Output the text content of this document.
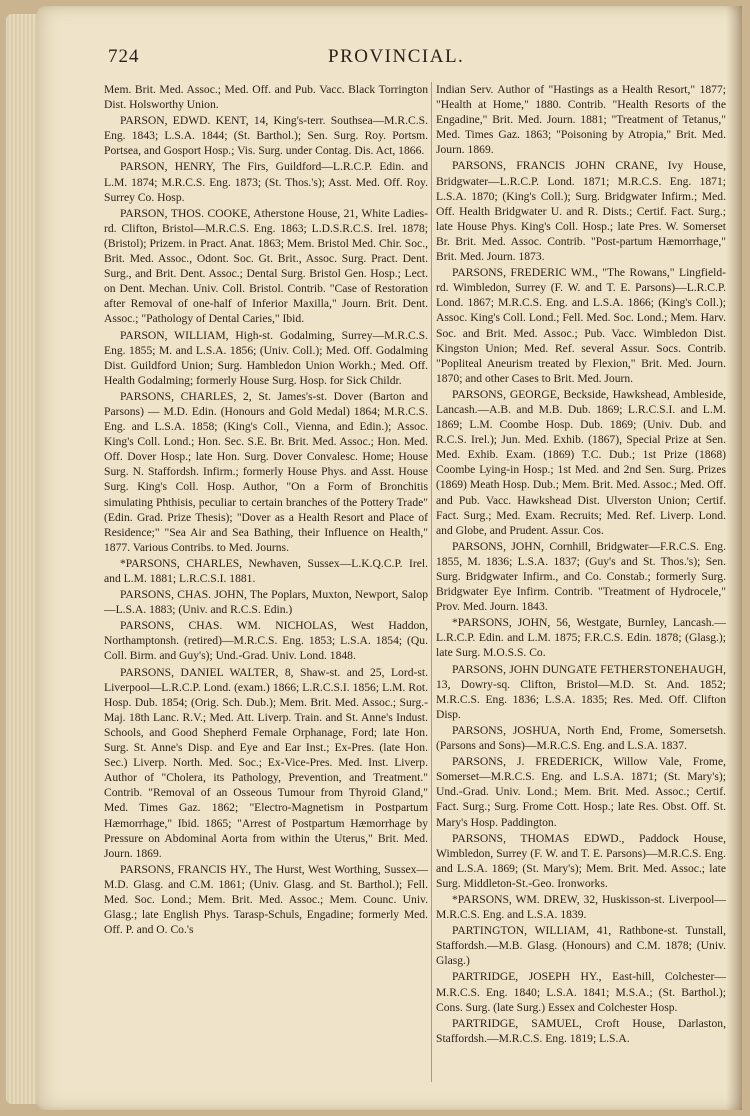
724	PROVINCIAL.

Mem. Brit. Med. Assoc.; Med. Off. and Pub. Vacc. Black Torrington Dist. Holsworthy Union.

PARSON, EDWD. KENT, 14, King's-terr. Southsea—M.R.C.S. Eng. 1843; L.S.A. 1844; (St. Barthol.); Sen. Surg. Roy. Portsm. Portsea, and Gosport Hosp.; Vis. Surg. under Contag. Dis. Act, 1866.

PARSON, HENRY, The Firs, Guildford—L.R.C.P. Edin. and L.M. 1874; M.R.C.S. Eng. 1873; (St. Thos.'s); Asst. Med. Off. Roy. Surrey Co. Hosp.

PARSON, THOS. COOKE, Atherstone House, 21, White Ladies-rd. Clifton, Bristol—M.R.C.S. Eng. 1863; L.D.S.R.C.S. Irel. 1878; (Bristol); Prizem. in Pract. Anat. 1863; Mem. Bristol Med. Chir. Soc., Brit. Med. Assoc., Odont. Soc. Gt. Brit., Assoc. Surg. Pract. Dent. Surg., and Brit. Dent. Assoc.; Dental Surg. Bristol Gen. Hosp.; Lect. on Dent. Mechan. Univ. Coll. Bristol. Contrib. "Case of Restoration after Removal of one-half of Inferior Maxilla," Journ. Brit. Dent. Assoc.; "Pathology of Dental Caries," Ibid.

PARSON, WILLIAM, High-st. Godalming, Surrey—M.R.C.S. Eng. 1855; M. and L.S.A. 1856; (Univ. Coll.); Med. Off. Godalming Dist. Guildford Union; Surg. Hambledon Union Workh.; Med. Off. Health Godalming; formerly House Surg. Hosp. for Sick Childr.

PARSONS, CHARLES, 2, St. James's-st. Dover (Barton and Parsons) — M.D. Edin. (Honours and Gold Medal) 1864; M.R.C.S. Eng. and L.S.A. 1858; (King's Coll., Vienna, and Edin.); Assoc. King's Coll. Lond.; Hon. Sec. S.E. Br. Brit. Med. Assoc.; Hon. Med. Off. Dover Hosp.; late Hon. Surg. Dover Convalesc. Home; House Surg. N. Staffordsh. Infirm.; formerly House Phys. and Asst. House Surg. King's Coll. Hosp. Author, "On a Form of Bronchitis simulating Phthisis, peculiar to certain branches of the Pottery Trade" (Edin. Grad. Prize Thesis); "Dover as a Health Resort and Place of Residence;" "Sea Air and Sea Bathing, their Influence on Health," 1877. Various Contribs. to Med. Journs.

*PARSONS, CHARLES, Newhaven, Sussex—L.K.Q.C.P. Irel. and L.M. 1881; L.R.C.S.I. 1881.

PARSONS, CHAS. JOHN, The Poplars, Muxton, Newport, Salop—L.S.A. 1883; (Univ. and R.C.S. Edin.)

PARSONS, CHAS. WM. NICHOLAS, West Haddon, Northamptonsh. (retired)—M.R.C.S. Eng. 1853; L.S.A. 1854; (Qu. Coll. Birm. and Guy's); Und.-Grad. Univ. Lond. 1848.

PARSONS, DANIEL WALTER, 8, Shaw-st. and 25, Lord-st. Liverpool—L.R.C.P. Lond. (exam.) 1866; L.R.C.S.I. 1856; L.M. Rot. Hosp. Dub. 1854; (Orig. Sch. Dub.); Mem. Brit. Med. Assoc.; Surg.-Maj. 18th Lanc. R.V.; Med. Att. Liverp. Train. and St. Anne's Indust. Schools, and Good Shepherd Female Orphanage, Ford; late Hon. Surg. St. Anne's Disp. and Eye and Ear Inst.; Ex-Pres. (late Hon. Sec.) Liverp. North. Med. Soc.; Ex-Vice-Pres. Med. Inst. Liverp. Author of "Cholera, its Pathology, Prevention, and Treatment." Contrib. "Removal of an Osseous Tumour from Thyroid Gland," Med. Times Gaz. 1862; "Electro-Magnetism in Postpartum Hæmorrhage," Ibid. 1865; "Arrest of Postpartum Hæmorrhage by Pressure on Abdominal Aorta from within the Uterus," Brit. Med. Journ. 1869.

PARSONS, FRANCIS HY., The Hurst, West Worthing, Sussex—M.D. Glasg. and C.M. 1861; (Univ. Glasg. and St. Barthol.); Fell. Med. Soc. Lond.; Mem. Brit. Med. Assoc.; Mem. Counc. Univ. Glasg.; late English Phys. Tarasp-Schuls, Engadine; formerly Med. Off. P. and O. Co.'s

Indian Serv. Author of "Hastings as a Health Resort," 1877; "Health at Home," 1880. Contrib. "Health Resorts of the Engadine," Brit. Med. Journ. 1881; "Treatment of Tetanus," Med. Times Gaz. 1863; "Poisoning by Atropia," Brit. Med. Journ. 1869.

PARSONS, FRANCIS JOHN CRANE, Ivy House, Bridgwater—L.R.C.P. Lond. 1871; M.R.C.S. Eng. 1871; L.S.A. 1870; (King's Coll.); Surg. Bridgwater Infirm.; Med. Off. Health Bridgwater U. and R. Dists.; Certif. Fact. Surg.; late House Phys. King's Coll. Hosp.; late Pres. W. Somerset Br. Brit. Med. Assoc. Contrib. "Post-partum Hæmorrhage," Brit. Med. Journ. 1873.

PARSONS, FREDERIC WM., "The Rowans," Lingfield-rd. Wimbledon, Surrey (F. W. and T. E. Parsons)—L.R.C.P. Lond. 1867; M.R.C.S. Eng. and L.S.A. 1866; (King's Coll.); Assoc. King's Coll. Lond.; Fell. Med. Soc. Lond.; Mem. Harv. Soc. and Brit. Med. Assoc.; Pub. Vacc. Wimbledon Dist. Kingston Union; Med. Ref. several Assur. Socs. Contrib. "Popliteal Aneurism treated by Flexion," Brit. Med. Journ. 1870; and other Cases to Brit. Med. Journ.

PARSONS, GEORGE, Beckside, Hawkshead, Ambleside, Lancash.—A.B. and M.B. Dub. 1869; L.R.C.S.I. and L.M. 1869; L.M. Coombe Hosp. Dub. 1869; (Univ. Dub. and R.C.S. Irel.); Jun. Med. Exhib. (1867), Special Prize at Sen. Med. Exhib. Exam. (1869) T.C. Dub.; 1st Prize (1868) Coombe Lying-in Hosp.; 1st Med. and 2nd Sen. Surg. Prizes (1869) Meath Hosp. Dub.; Mem. Brit. Med. Assoc.; Med. Off. and Pub. Vacc. Hawkshead Dist. Ulverston Union; Certif. Fact. Surg.; Med. Exam. Recruits; Med. Ref. Liverp. Lond. and Globe, and Prudent. Assur. Cos.

PARSONS, JOHN, Cornhill, Bridgwater—F.R.C.S. Eng. 1855, M. 1836; L.S.A. 1837; (Guy's and St. Thos.'s); Sen. Surg. Bridgwater Infirm., and Co. Constab.; formerly Surg. Bridgwater Eye Infirm. Contrib. "Treatment of Hydrocele," Prov. Med. Journ. 1843.

*PARSONS, JOHN, 56, Westgate, Burnley, Lancash.—L.R.C.P. Edin. and L.M. 1875; F.R.C.S. Edin. 1878; (Glasg.); late Surg. M.O.S.S. Co.

PARSONS, JOHN DUNGATE FETHERSTONEHAUGH, 13, Dowry-sq. Clifton, Bristol—M.D. St. And. 1852; M.R.C.S. Eng. 1836; L.S.A. 1835; Res. Med. Off. Clifton Disp.

PARSONS, JOSHUA, North End, Frome, Somersetsh. (Parsons and Sons)—M.R.C.S. Eng. and L.S.A. 1837.

PARSONS, J. FREDERICK, Willow Vale, Frome, Somerset—M.R.C.S. Eng. and L.S.A. 1871; (St. Mary's); Und.-Grad. Univ. Lond.; Mem. Brit. Med. Assoc.; Certif. Fact. Surg.; Surg. Frome Cott. Hosp.; late Res. Obst. Off. St. Mary's Hosp. Paddington.

PARSONS, THOMAS EDWD., Paddock House, Wimbledon, Surrey (F. W. and T. E. Parsons)—M.R.C.S. Eng. and L.S.A. 1869; (St. Mary's); Mem. Brit. Med. Assoc.; late Surg. Middleton-St.-Geo. Ironworks.

*PARSONS, WM. DREW, 32, Huskisson-st. Liverpool—M.R.C.S. Eng. and L.S.A. 1839.

PARTINGTON, WILLIAM, 41, Rathbone-st. Tunstall, Staffordsh.—M.B. Glasg. (Honours) and C.M. 1878; (Univ. Glasg.)

PARTRIDGE, JOSEPH HY., East-hill, Colchester—M.R.C.S. Eng. 1840; L.S.A. 1841; M.S.A.; (St. Barthol.); Cons. Surg. (late Surg.) Essex and Colchester Hosp.

PARTRIDGE, SAMUEL, Croft House, Darlaston, Staffordsh.—M.R.C.S. Eng. 1819; L.S.A.
